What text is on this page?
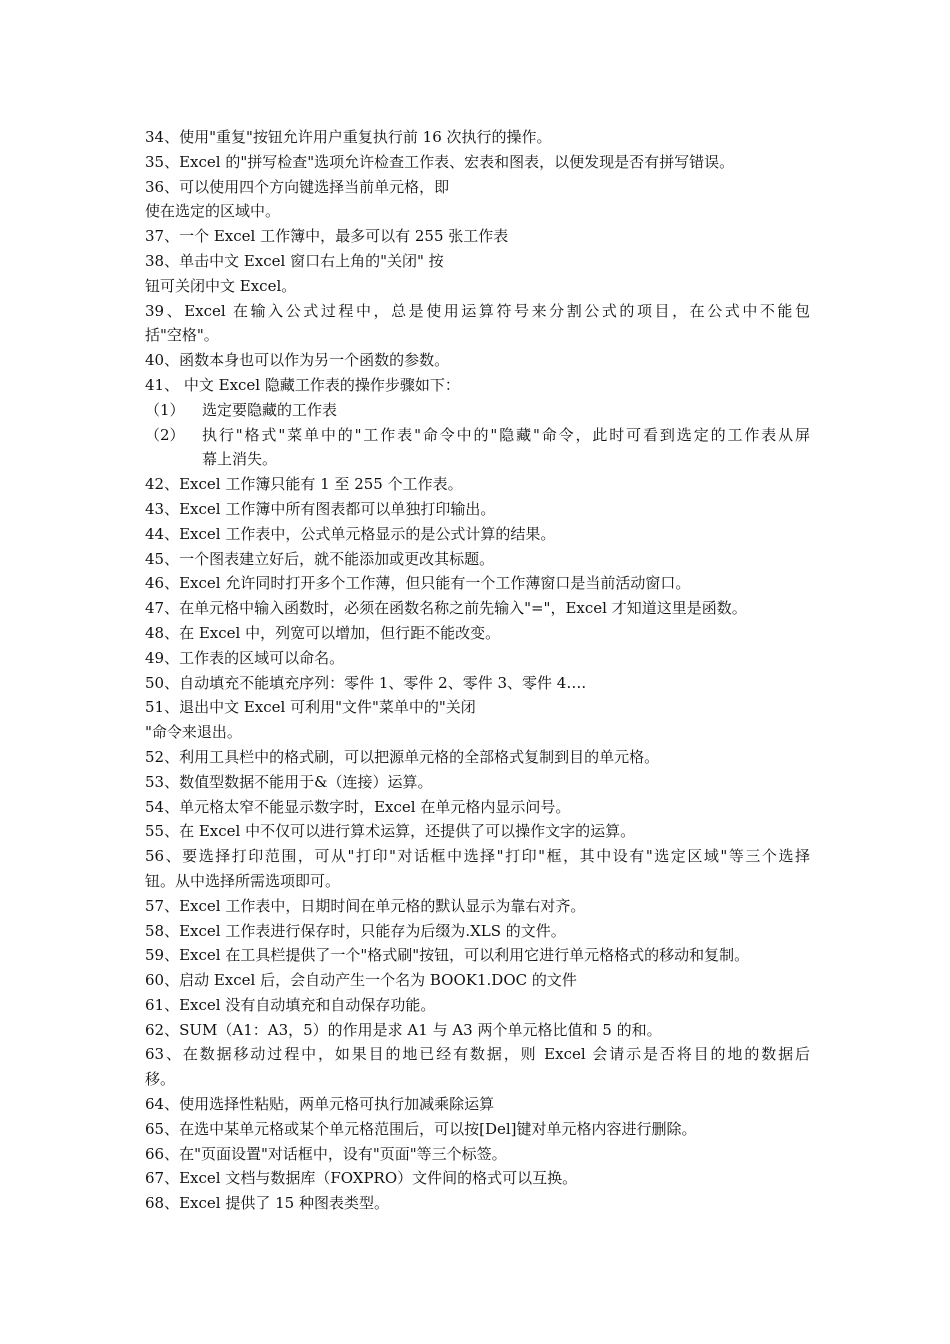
34、使用"重复"按钮允许用户重复执行前 16 次执行的操作。
35、Excel 的"拼写检查"选项允许检查工作表、宏表和图表，以便发现是否有拼写错误。
36、可以使用四个方向键选择当前单元格，即
使在选定的区域中。
37、一个 Excel 工作簿中，最多可以有 255 张工作表
38、单击中文 Excel 窗口右上角的"关闭" 按
钮可关闭中文 Excel。
39、Excel 在输入公式过程中，总是使用运算符号来分割公式的项目，在公式中不能包
括"空格"。
40、函数本身也可以作为另一个函数的参数。
41、 中文 Excel 隐藏工作表的操作步骤如下：
（1） 选定要隐藏的工作表
（2） 执行"格式"菜单中的"工作表"命令中的"隐藏"命令，此时可看到选定的工作表从屏
幕上消失。
42、Excel 工作簿只能有 1 至 255 个工作表。
43、Excel 工作簿中所有图表都可以单独打印输出。
44、Excel 工作表中，公式单元格显示的是公式计算的结果。
45、一个图表建立好后，就不能添加或更改其标题。
46、Excel 允许同时打开多个工作薄，但只能有一个工作薄窗口是当前活动窗口。
47、在单元格中输入函数时，必须在函数名称之前先输入"="，Excel 才知道这里是函数。
48、在 Excel 中，列宽可以增加，但行距不能改变。
49、工作表的区域可以命名。
50、自动填充不能填充序列：零件 1、零件 2、零件 3、零件 4….
51、退出中文 Excel 可利用"文件"菜单中的"关闭
"命令来退出。
52、利用工具栏中的格式刷，可以把源单元格的全部格式复制到目的单元格。
53、数值型数据不能用于&（连接）运算。
54、单元格太窄不能显示数字时，Excel 在单元格内显示问号。
55、在 Excel 中不仅可以进行算术运算，还提供了可以操作文字的运算。
56、要选择打印范围，可从"打印"对话框中选择"打印"框，其中设有"选定区域"等三个选择
钮。从中选择所需选项即可。
57、Excel 工作表中，日期时间在单元格的默认显示为靠右对齐。
58、Excel 工作表进行保存时，只能存为后缀为.XLS 的文件。
59、Excel 在工具栏提供了一个"格式刷"按钮，可以利用它进行单元格格式的移动和复制。
60、启动 Excel 后，会自动产生一个名为 BOOK1.DOC 的文件
61、Excel 没有自动填充和自动保存功能。
62、SUM（A1：A3，5）的作用是求 A1 与 A3 两个单元格比值和 5 的和。
63、在数据移动过程中，如果目的地已经有数据，则 Excel 会请示是否将目的地的数据后
移。
64、使用选择性粘贴，两单元格可执行加减乘除运算
65、在选中某单元格或某个单元格范围后，可以按[Del]键对单元格内容进行删除。
66、在"页面设置"对话框中，设有"页面"等三个标签。
67、Excel 文档与数据库（FOXPRO）文件间的格式可以互换。
68、Excel 提供了 15 种图表类型。
